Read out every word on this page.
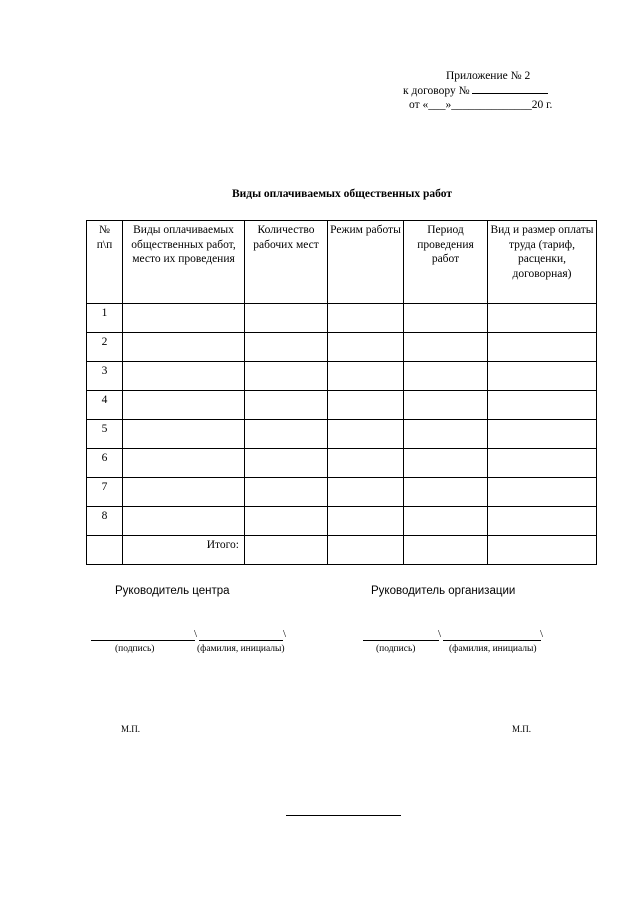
Приложение № 2
к договору №
от «___»______________20 г.
Виды оплачиваемых общественных работ
№ п\п	Виды оплачиваемых общественных работ, место их проведения	Количество рабочих мест	Режим работы	Период проведения работ	Вид и размер оплаты труда (тариф, расценки, договорная)
1					
2					
3					
4					
5					
6					
7					
8					
	Итого:				
Руководитель центра	Руководитель организации
\	\
(подпись)	(фамилия, инициалы)
\	\
(подпись)	(фамилия, инициалы)
М.П.	М.П.
